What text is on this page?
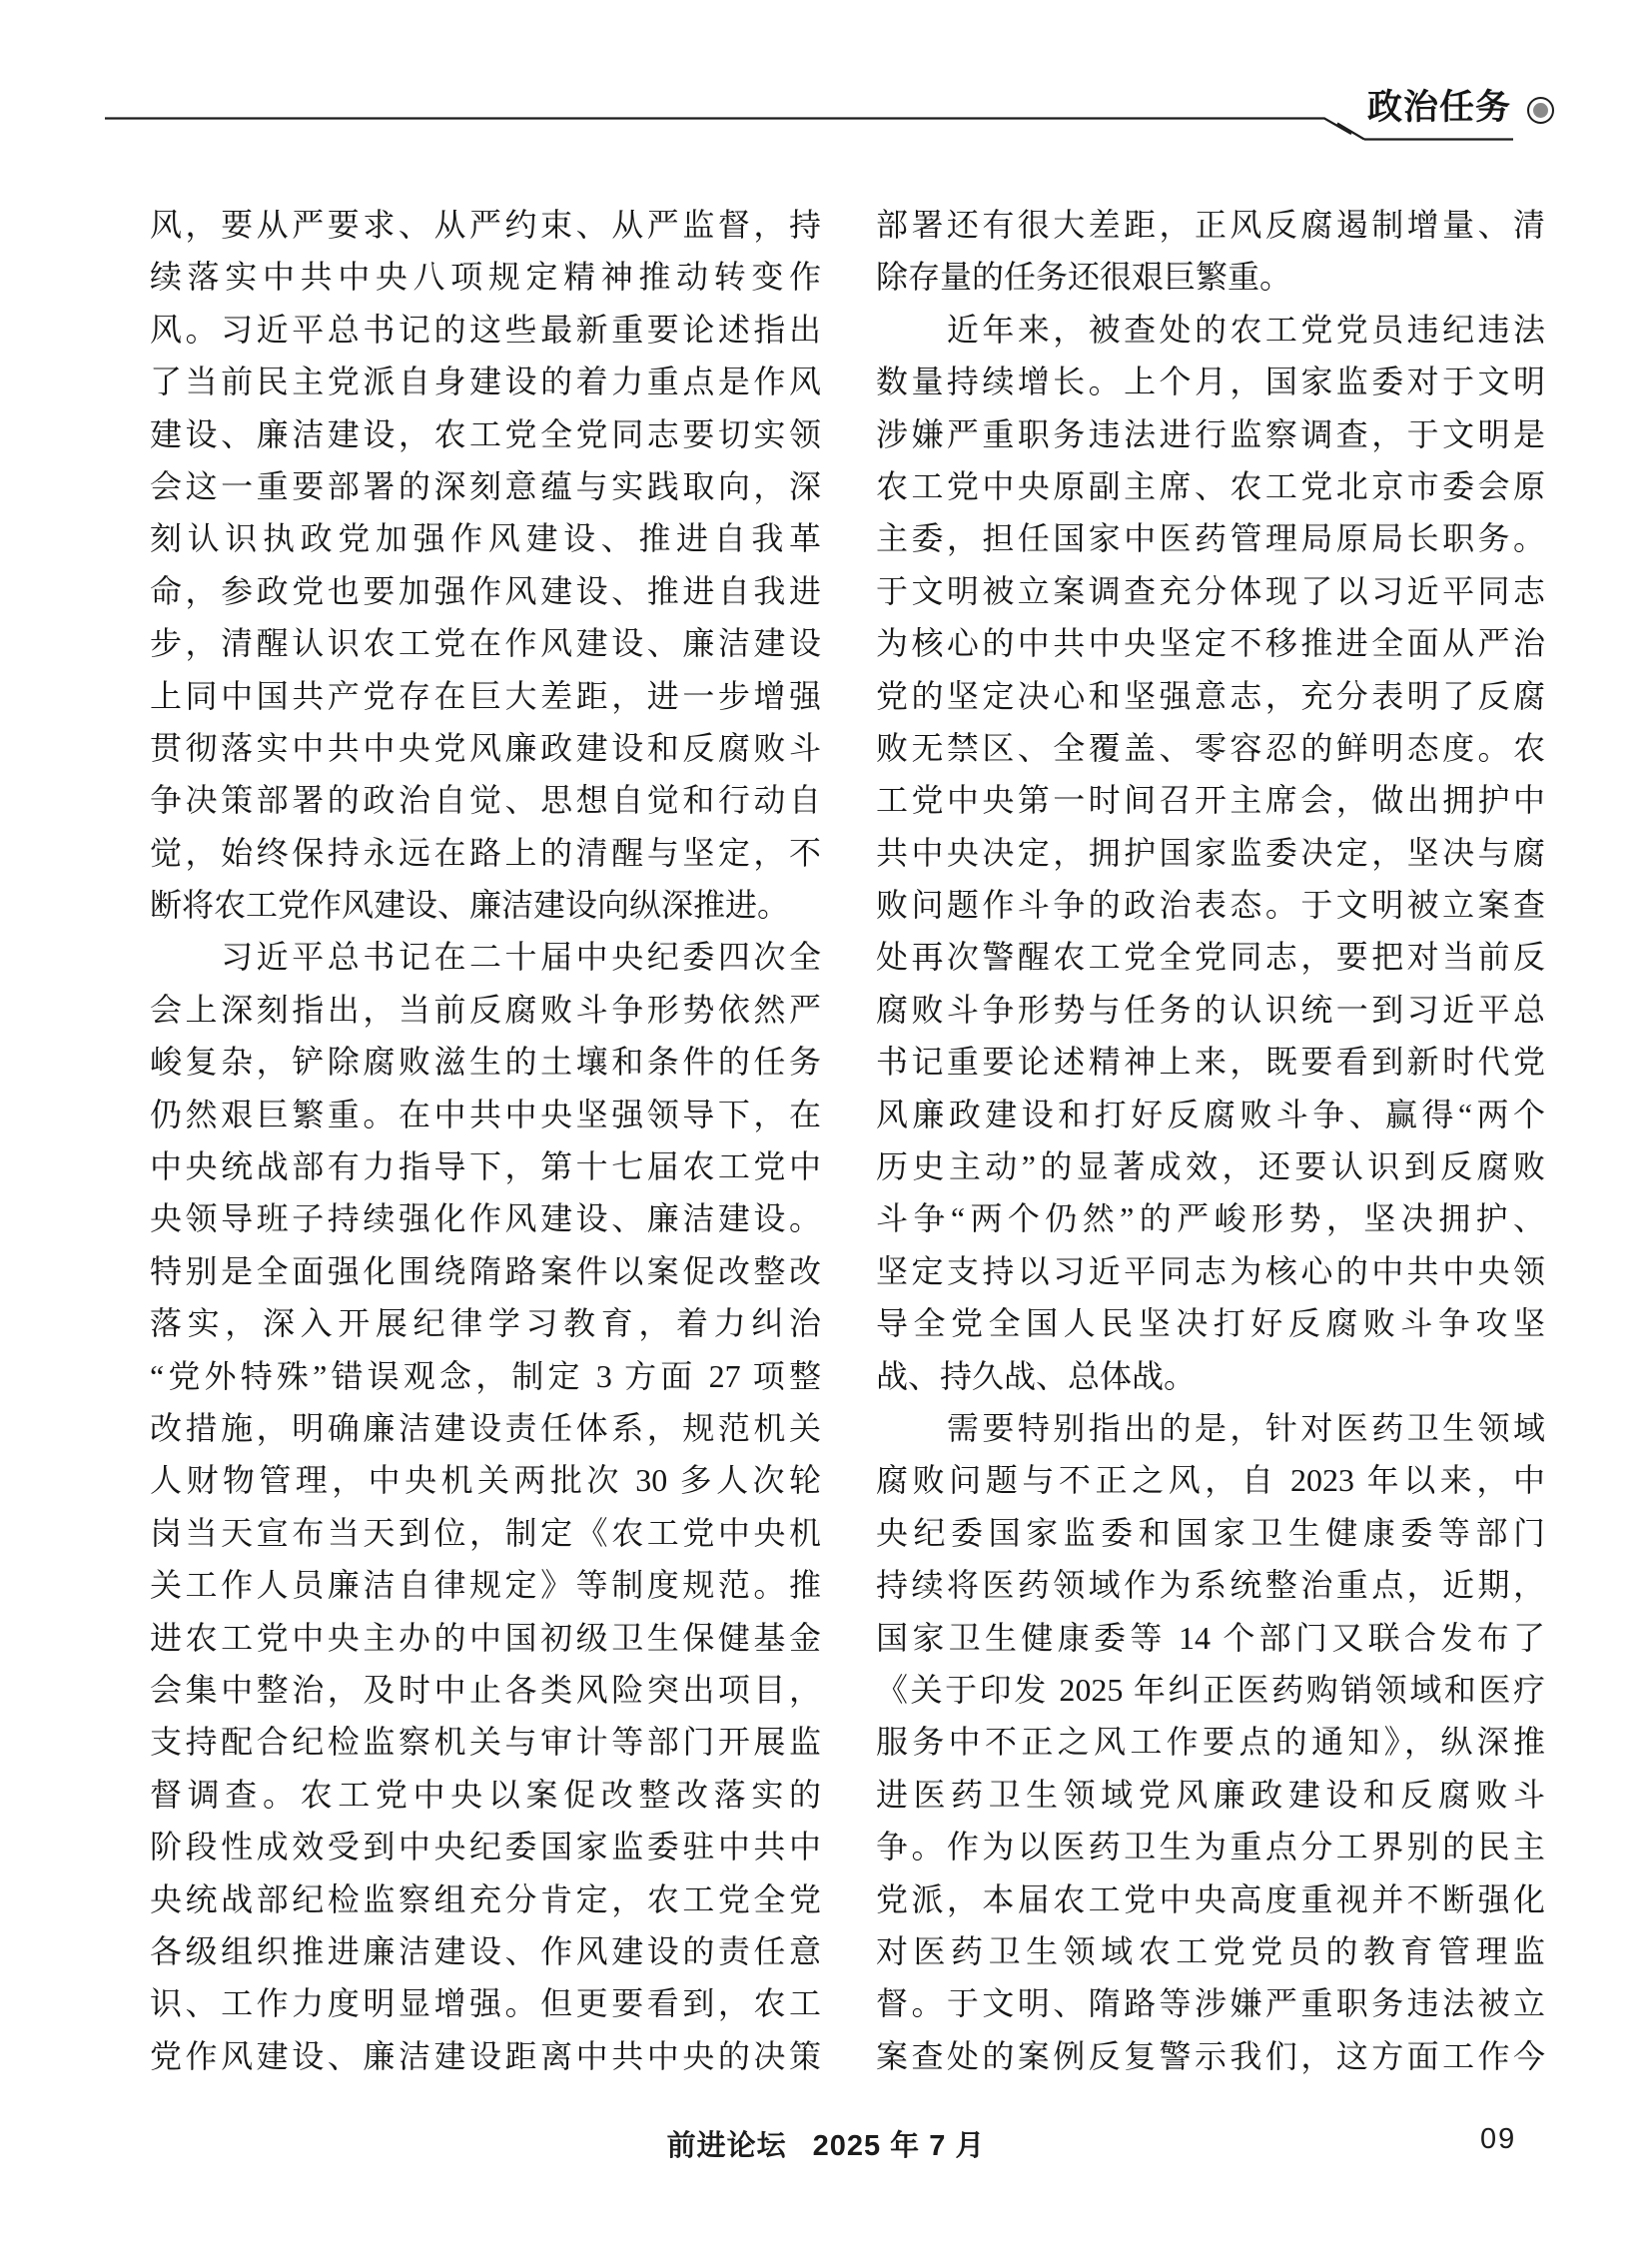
政治任务
风，要从严要求、从严约束、从严监督，持
续落实中共中央八项规定精神推动转变作
风。习近平总书记的这些最新重要论述指出
了当前民主党派自身建设的着力重点是作风
建设、廉洁建设，农工党全党同志要切实领
会这一重要部署的深刻意蕴与实践取向，深
刻认识执政党加强作风建设、推进自我革
命，参政党也要加强作风建设、推进自我进
步，清醒认识农工党在作风建设、廉洁建设
上同中国共产党存在巨大差距，进一步增强
贯彻落实中共中央党风廉政建设和反腐败斗
争决策部署的政治自觉、思想自觉和行动自
觉，始终保持永远在路上的清醒与坚定，不
断将农工党作风建设、廉洁建设向纵深推进。
　　习近平总书记在二十届中央纪委四次全
会上深刻指出，当前反腐败斗争形势依然严
峻复杂，铲除腐败滋生的土壤和条件的任务
仍然艰巨繁重。在中共中央坚强领导下，在
中央统战部有力指导下，第十七届农工党中
央领导班子持续强化作风建设、廉洁建设。
特别是全面强化围绕隋路案件以案促改整改
落实，深入开展纪律学习教育，着力纠治
“党外特殊”错误观念，制定 3 方面 27 项整
改措施，明确廉洁建设责任体系，规范机关
人财物管理，中央机关两批次 30 多人次轮
岗当天宣布当天到位，制定《农工党中央机
关工作人员廉洁自律规定》等制度规范。推
进农工党中央主办的中国初级卫生保健基金
会集中整治，及时中止各类风险突出项目，
支持配合纪检监察机关与审计等部门开展监
督调查。农工党中央以案促改整改落实的
阶段性成效受到中央纪委国家监委驻中共中
央统战部纪检监察组充分肯定，农工党全党
各级组织推进廉洁建设、作风建设的责任意
识、工作力度明显增强。但更要看到，农工
党作风建设、廉洁建设距离中共中央的决策
部署还有很大差距，正风反腐遏制增量、清
除存量的任务还很艰巨繁重。
　　近年来，被查处的农工党党员违纪违法
数量持续增长。上个月，国家监委对于文明
涉嫌严重职务违法进行监察调查，于文明是
农工党中央原副主席、农工党北京市委会原
主委，担任国家中医药管理局原局长职务。
于文明被立案调查充分体现了以习近平同志
为核心的中共中央坚定不移推进全面从严治
党的坚定决心和坚强意志，充分表明了反腐
败无禁区、全覆盖、零容忍的鲜明态度。农
工党中央第一时间召开主席会，做出拥护中
共中央决定，拥护国家监委决定，坚决与腐
败问题作斗争的政治表态。于文明被立案查
处再次警醒农工党全党同志，要把对当前反
腐败斗争形势与任务的认识统一到习近平总
书记重要论述精神上来，既要看到新时代党
风廉政建设和打好反腐败斗争、赢得“两个
历史主动”的显著成效，还要认识到反腐败
斗争“两个仍然”的严峻形势，坚决拥护、
坚定支持以习近平同志为核心的中共中央领
导全党全国人民坚决打好反腐败斗争攻坚
战、持久战、总体战。
　　需要特别指出的是，针对医药卫生领域
腐败问题与不正之风，自 2023 年以来，中
央纪委国家监委和国家卫生健康委等部门
持续将医药领域作为系统整治重点，近期，
国家卫生健康委等 14 个部门又联合发布了
《关于印发 2025 年纠正医药购销领域和医疗
服务中不正之风工作要点的通知》，纵深推
进医药卫生领域党风廉政建设和反腐败斗
争。作为以医药卫生为重点分工界别的民主
党派，本届农工党中央高度重视并不断强化
对医药卫生领域农工党党员的教育管理监
督。于文明、隋路等涉嫌严重职务违法被立
案查处的案例反复警示我们，这方面工作今
前进论坛 2025 年 7 月	09
